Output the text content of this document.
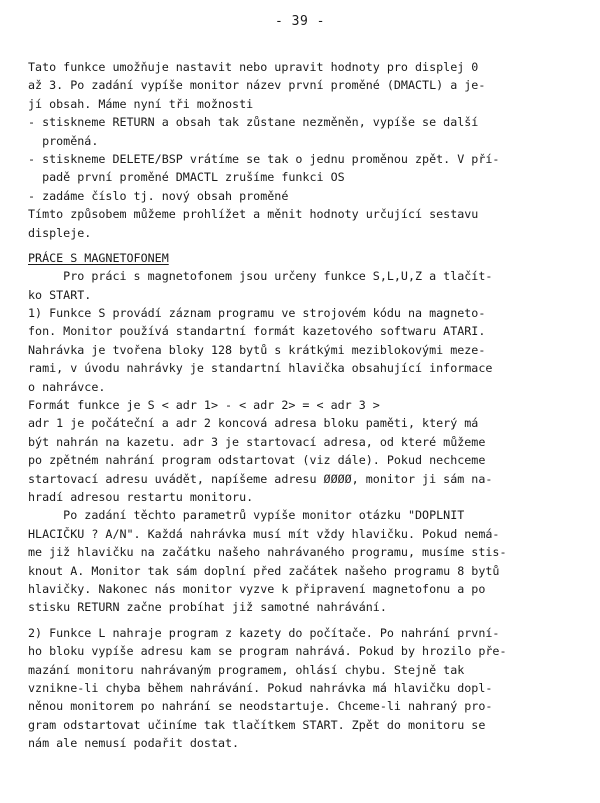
- 39 -
Tato funkce umožňuje nastavit nebo upravit hodnoty pro displej 0
až 3. Po zadání vypíše monitor název první proměné (DMACTL) a je-
jí obsah. Máme nyní tři možnosti
- stiskneme RETURN a obsah tak zůstane nezměněn, vypíše se další
proměná.
- stiskneme DELETE/BSP vrátíme se tak o jednu proměnou zpět. V pří-
padě první proměné DMACTL zrušíme funkci OS
- zadáme číslo tj. nový obsah proměné
Tímto způsobem můžeme prohlížet a měnit hodnoty určující sestavu
displeje.
PRÁCE S MAGNETOFONEM
Pro práci s magnetofonem jsou určeny funkce S,L,U,Z a tlačít-
ko START.
1) Funkce S provádí záznam programu ve strojovém kódu na magneto-
fon. Monitor používá standartní formát kazetového softwaru ATARI.
Nahrávka je tvořena bloky 128 bytů s krátkými meziblokovými meze-
rami, v úvodu nahrávky je standartní hlavička obsahující informace
o nahrávce.
Formát funkce je S < adr 1> - < adr 2> = < adr 3 >
adr 1 je počáteční a adr 2 koncová adresa bloku paměti, který má
být nahrán na kazetu. adr 3 je startovací adresa, od které můžeme
po zpětném nahrání program odstartovat (viz dále). Pokud nechceme
startovací adresu uvádět, napíšeme adresu ØØØØ, monitor ji sám na-
hradí adresou restartu monitoru.
Po zadání těchto parametrů vypíše monitor otázku "DOPLNIT
HLACIČKU ? A/N". Každá nahrávka musí mít vždy hlavičku. Pokud nemá-
me již hlavičku na začátku našeho nahrávaného programu, musíme stis-
knout A. Monitor tak sám doplní před začátek našeho programu 8 bytů
hlavičky. Nakonec nás monitor vyzve k připravení magnetofonu a po
stisku RETURN začne probíhat již samotné nahrávání.
2) Funkce L nahraje program z kazety do počítače. Po nahrání první-
ho bloku vypíše adresu kam se program nahrává. Pokud by hrozilo pře-
mazání monitoru nahrávaným programem, ohlásí chybu. Stejně tak
vznikne-li chyba během nahrávání. Pokud nahrávka má hlavičku dopl-
něnou monitorem po nahrání se neodstartuje. Chceme-li nahraný pro-
gram odstartovat učiníme tak tlačítkem START. Zpět do monitoru se
nám ale nemusí podařit dostat.
